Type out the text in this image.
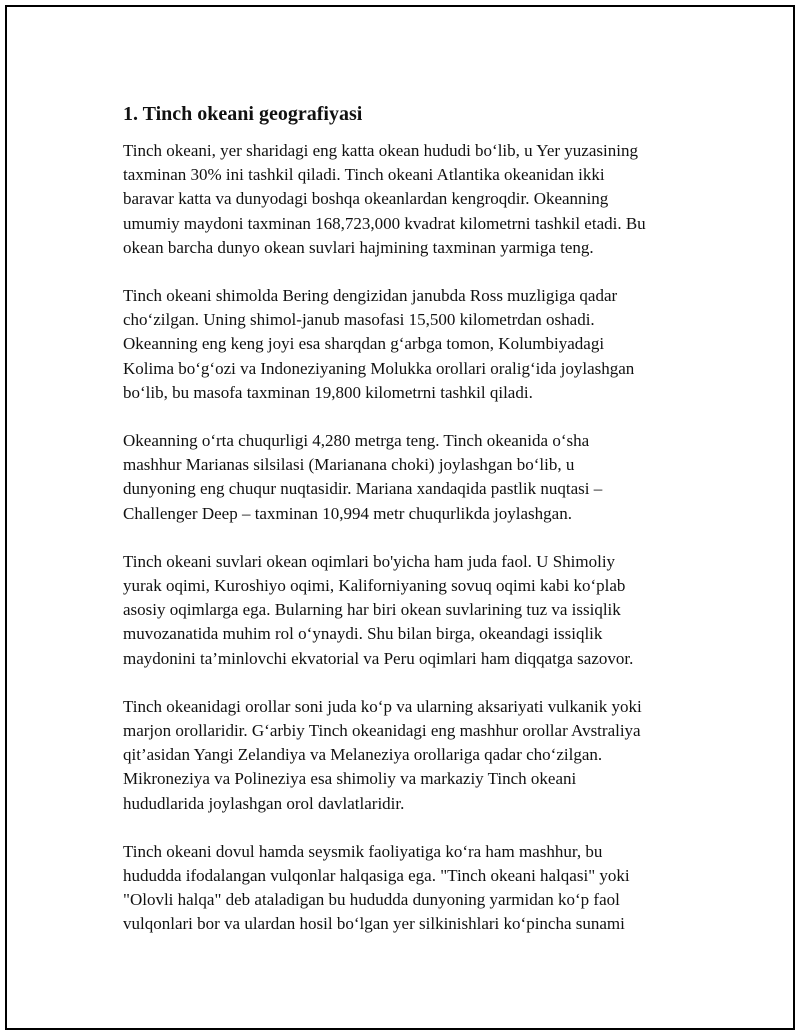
1. Tinch okeani geografiyasi

Tinch okeani, yer sharidagi eng katta okean hududi bo‘lib, u Yer yuzasining
taxminan 30% ini tashkil qiladi. Tinch okeani Atlantika okeanidan ikki
baravar katta va dunyodagi boshqa okeanlardan kengroqdir. Okeanning
umumiy maydoni taxminan 168,723,000 kvadrat kilometrni tashkil etadi. Bu
okean barcha dunyo okean suvlari hajmining taxminan yarmiga teng.

Tinch okeani shimolda Bering dengizidan janubda Ross muzligiga qadar
cho‘zilgan. Uning shimol-janub masofasi 15,500 kilometrdan oshadi.
Okeanning eng keng joyi esa sharqdan g‘arbga tomon, Kolumbiyadagi
Kolima bo‘g‘ozi va Indoneziyaning Molukka orollari oralig‘ida joylashgan
bo‘lib, bu masofa taxminan 19,800 kilometrni tashkil qiladi.

Okeanning o‘rta chuqurligi 4,280 metrga teng. Tinch okeanida o‘sha
mashhur Marianas silsilasi (Marianana choki) joylashgan bo‘lib, u
dunyoning eng chuqur nuqtasidir. Mariana xandaqida pastlik nuqtasi –
Challenger Deep – taxminan 10,994 metr chuqurlikda joylashgan.

Tinch okeani suvlari okean oqimlari bo'yicha ham juda faol. U Shimoliy
yurak oqimi, Kuroshiyo oqimi, Kaliforniyaning sovuq oqimi kabi ko‘plab
asosiy oqimlarga ega. Bularning har biri okean suvlarining tuz va issiqlik
muvozanatida muhim rol o‘ynaydi. Shu bilan birga, okeandagi issiqlik
maydonini ta’minlovchi ekvatorial va Peru oqimlari ham diqqatga sazovor.

Tinch okeanidagi orollar soni juda ko‘p va ularning aksariyati vulkanik yoki
marjon orollaridir. G‘arbiy Tinch okeanidagi eng mashhur orollar Avstraliya
qit’asidan Yangi Zelandiya va Melaneziya orollariga qadar cho‘zilgan.
Mikroneziya va Polineziya esa shimoliy va markaziy Tinch okeani
hududlarida joylashgan orol davlatlaridir.

Tinch okeani dovul hamda seysmik faoliyatiga ko‘ra ham mashhur, bu
hududda ifodalangan vulqonlar halqasiga ega. "Tinch okeani halqasi" yoki
"Olovli halqa" deb ataladigan bu hududda dunyoning yarmidan ko‘p faol
vulqonlari bor va ulardan hosil bo‘lgan yer silkinishlari ko‘pincha sunami
